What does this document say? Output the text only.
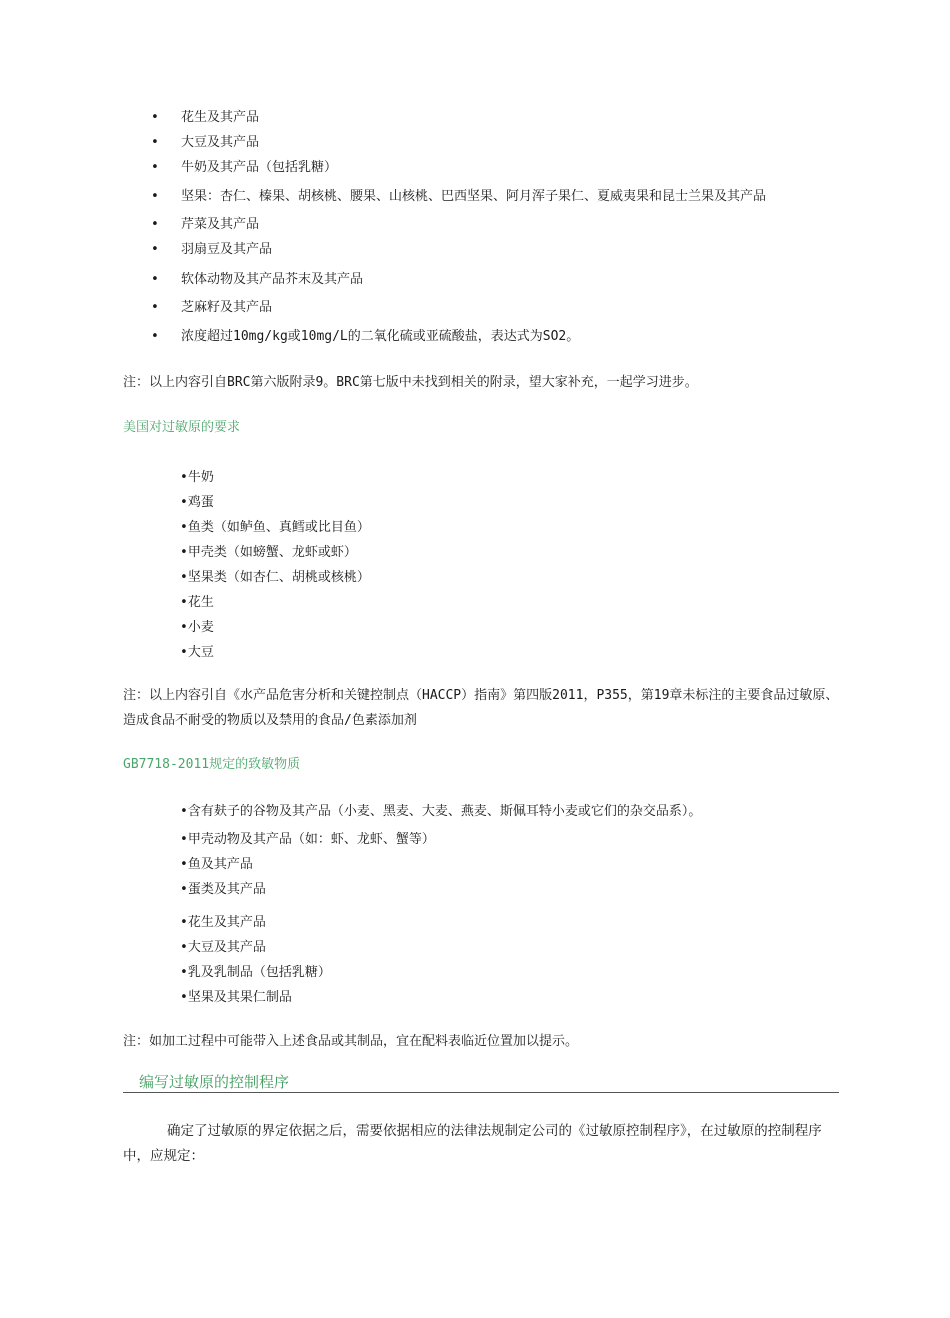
• 花生及其产品
• 大豆及其产品
• 牛奶及其产品（包括乳糖）
• 坚果：杏仁、榛果、胡核桃、腰果、山核桃、巴西坚果、阿月浑子果仁、夏威夷果和昆士兰果及其产品
• 芹菜及其产品
• 羽扇豆及其产品
• 软体动物及其产品芥末及其产品
• 芝麻籽及其产品
• 浓度超过10mg/kg或10mg/L的二氧化硫或亚硫酸盐，表达式为SO2。
注：以上内容引自BRC第六版附录9。BRC第七版中未找到相关的附录，望大家补充，一起学习进步。
美国对过敏原的要求
•牛奶
•鸡蛋
•鱼类（如鲈鱼、真鳕或比目鱼）
•甲壳类（如螃蟹、龙虾或虾）
•坚果类（如杏仁、胡桃或核桃）
•花生
•小麦
•大豆
注：以上内容引自《水产品危害分析和关键控制点（HACCP）指南》第四版2011，P355，第19章未标注的主要食品过敏原、造成食品不耐受的物质以及禁用的食品/色素添加剂
GB7718-2011规定的致敏物质
•含有麸子的谷物及其产品（小麦、黑麦、大麦、燕麦、斯佩耳特小麦或它们的杂交品系）。
•甲壳动物及其产品（如：虾、龙虾、蟹等）
•鱼及其产品
•蛋类及其产品
•花生及其产品
•大豆及其产品
•乳及乳制品（包括乳糖）
•坚果及其果仁制品
注：如加工过程中可能带入上述食品或其制品，宜在配料表临近位置加以提示。
编写过敏原的控制程序
确定了过敏原的界定依据之后，需要依据相应的法律法规制定公司的《过敏原控制程序》，在过敏原的控制程序中，应规定：
